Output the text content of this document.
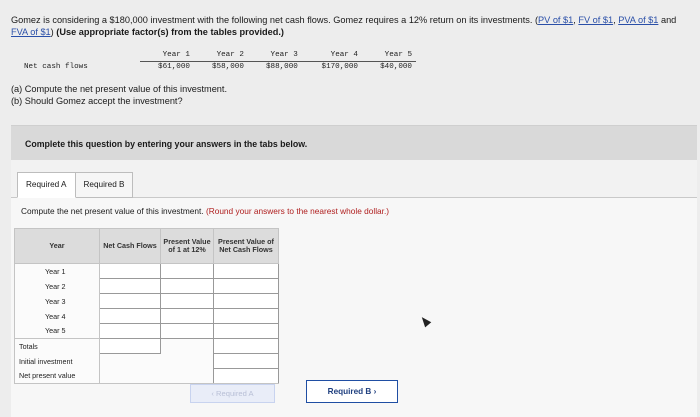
Gomez is considering a $180,000 investment with the following net cash flows. Gomez requires a 12% return on its investments. (PV of $1, FV of $1, PVA of $1 and FVA of $1) (Use appropriate factor(s) from the tables provided.)
	Year 1	Year 2	Year 3	Year 4	Year 5
Net cash flows	$61,000	$58,000	$88,000	$170,000	$40,000
(a) Compute the net present value of this investment.
(b) Should Gomez accept the investment?
Complete this question by entering your answers in the tabs below.
Required A	Required B
Compute the net present value of this investment. (Round your answers to the nearest whole dollar.)
Year	Net Cash Flows	Present Value of 1 at 12%	Present Value of Net Cash Flows
Year 1			
Year 2			
Year 3			
Year 4			
Year 5			
Totals			
Initial investment			
Net present value			
‹ Required A	Required B ›
